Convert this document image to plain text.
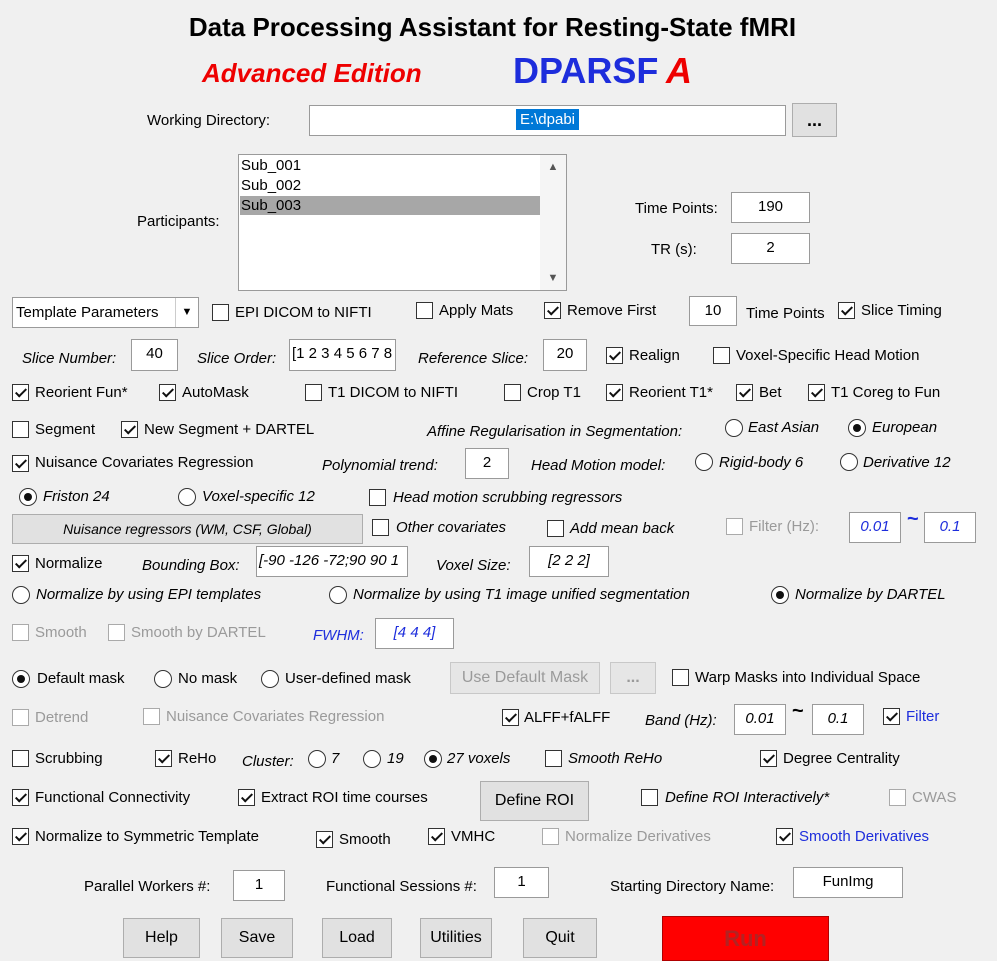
Data Processing Assistant for Resting-State fMRI
Advanced Edition	DPARSF A
Working Directory:	E:\dpabi	...
Participants:
Sub_001
Sub_002
Sub_003
▲
▼
Time Points:	190
TR (s):	2
Template Parameters	▼	EPI DICOM to NIFTI	Apply Mats	Remove First	10	Time Points Slice Timing
Slice Number:	40	Slice Order: [1 2 3 4 5 6 7 8 Reference Slice:	20	Realign	Voxel-Specific Head Motion
Reorient Fun*	AutoMask	T1 DICOM to NIFTI	Crop T1	Reorient T1*	Bet	T1 Coreg to Fun
Segment	New Segment + DARTEL	Affine Regularisation in Segmentation:	East Asian	European
Nuisance Covariates Regression	Polynomial trend:	2	Head Motion model:	Rigid-body 6	Derivative 12
Friston 24	Voxel-specific 12	Head motion scrubbing regressors
Nuisance regressors (WM, CSF, Global)	Other covariates	Add mean back	Filter (Hz):	0.01 ~	0.1
Normalize	Bounding Box: [-90 -126 -72;90 90 1	Voxel Size:	[2 2 2]
Normalize by using EPI templates	Normalize by using T1 image unified segmentation	Normalize by DARTEL
Smooth	Smooth by DARTEL	FWHM:	[4 4 4]
Default mask	No mask	User-defined mask	Use Default Mask	...	Warp Masks into Individual Space
Detrend	Nuisance Covariates Regression	ALFF+fALFF Band (Hz):	0.01 ~	0.1	Filter
Scrubbing	ReHo Cluster: 7	19	27 voxels	Smooth ReHo	Degree Centrality
Functional Connectivity	Extract ROI time courses	Define ROI	Define ROI Interactively*	CWAS
Normalize to Symmetric Template	Smooth	VMHC	Normalize Derivatives	Smooth Derivatives
Parallel Workers #:	1	Functional Sessions #:	1	Starting Directory Name:	FunImg
Help	Save	Load	Utilities	Quit	Run
